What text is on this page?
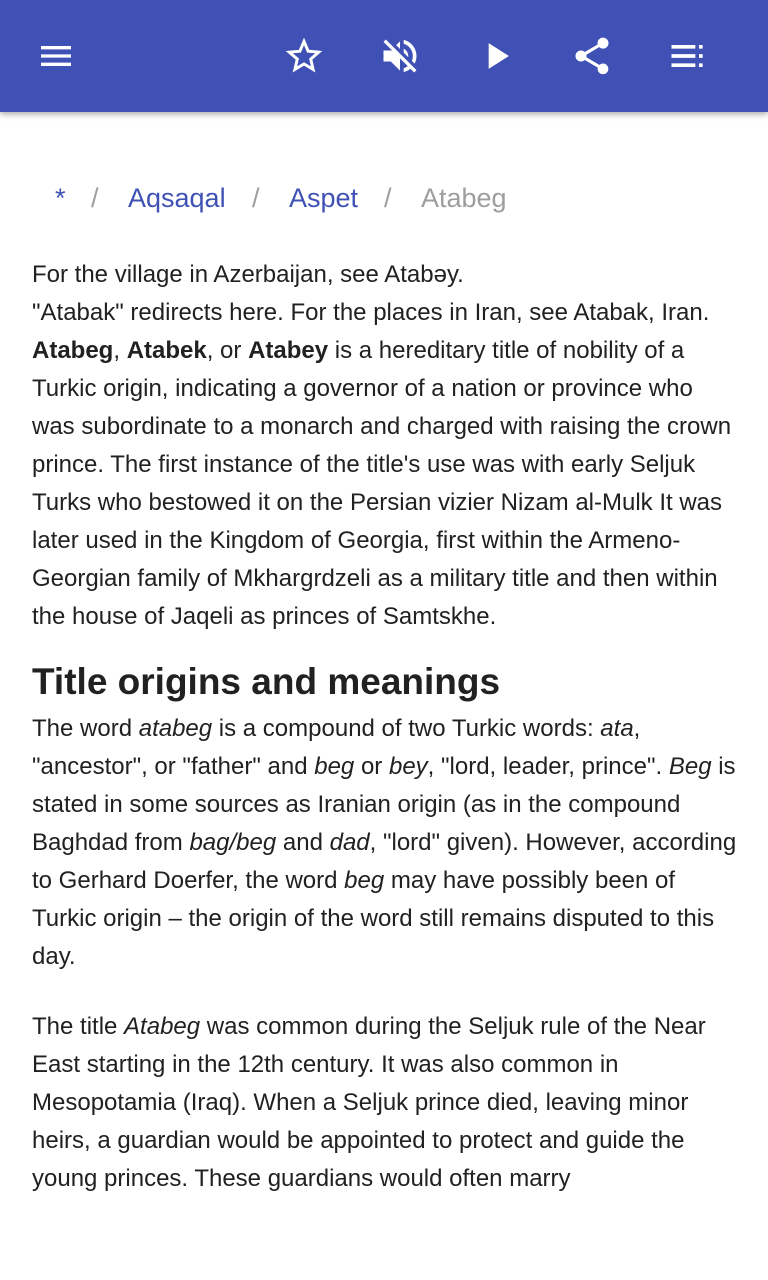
* / Aqsaqal / Aspet / Atabeg

For the village in Azerbaijan, see Atabəy.

"Atabak" redirects here. For the places in Iran, see Atabak, Iran.

Atabeg, Atabek, or Atabey is a hereditary title of nobility of a Turkic origin, indicating a governor of a nation or province who was subordinate to a monarch and charged with raising the crown prince. The first instance of the title's use was with early Seljuk Turks who bestowed it on the Persian vizier Nizam al-Mulk It was later used in the Kingdom of Georgia, first within the Armeno-Georgian family of Mkhargrdzeli as a military title and then within the house of Jaqeli as princes of Samtskhe.

Title origins and meanings

The word atabeg is a compound of two Turkic words: ata, "ancestor", or "father" and beg or bey, "lord, leader, prince". Beg is stated in some sources as Iranian origin (as in the compound Baghdad from bag/beg and dad, "lord" given). However, according to Gerhard Doerfer, the word beg may have possibly been of Turkic origin – the origin of the word still remains disputed to this day.

The title Atabeg was common during the Seljuk rule of the Near East starting in the 12th century. It was also common in Mesopotamia (Iraq). When a Seljuk prince died, leaving minor heirs, a guardian would be appointed to protect and guide the young princes. These guardians would often marry
